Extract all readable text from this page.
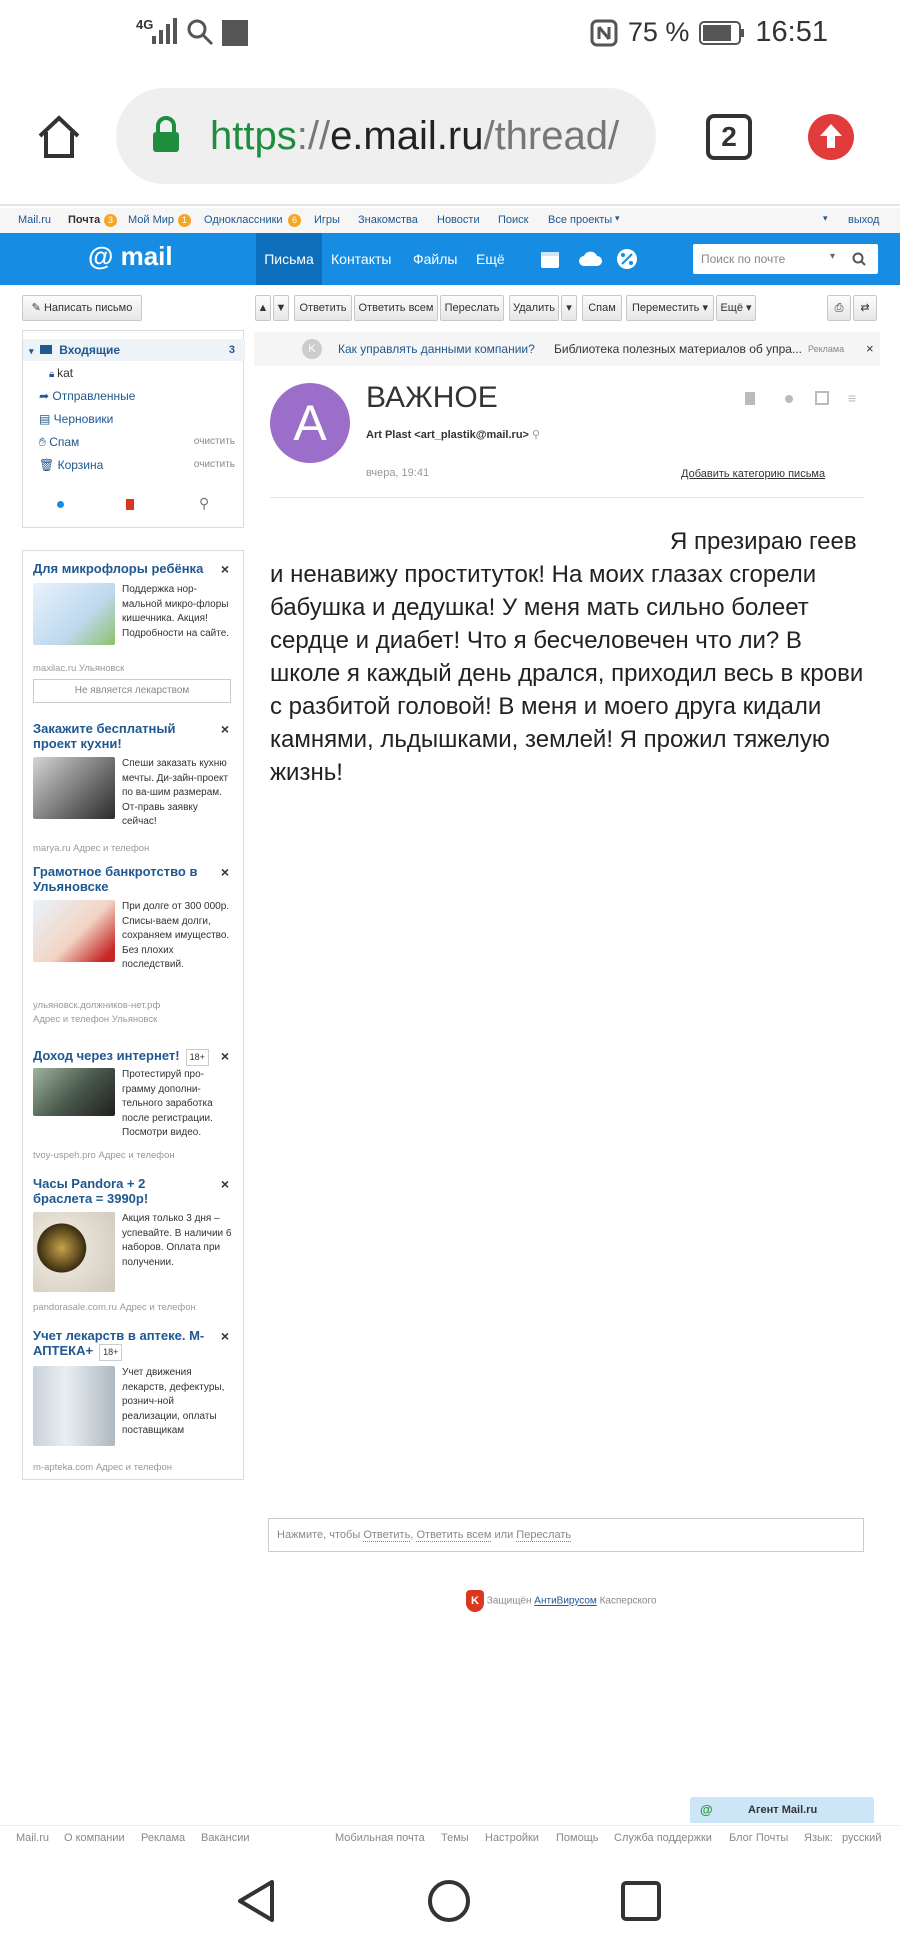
4G	75 % 16:51
https://e.mail.ru/thread/	2
Mail.ru Почта 3	Мой Мир 1	Одноклассники	6	Игры Знакомства Новости Поиск Все проекты ▾	▾ выход
@ mail	Письма	Контакты Файлы Ещё	Поиск по почте	▾
✎ Написать письмо	▲ ▼	Ответить	Ответить всем	Переслать	Удалить	▾	Спам	Переместить ▾	Ещё ▾	⎙	⇄
▾ Входящие	3
🔒︎ kat
➦ Отправленные
▤ Черновики
✋︎ Спам	очистить
🗑︎ Корзина	очистить
⚲
Для микрофлоры ребёнка ×
Поддержка нор-мальной микро-флоры кишечника. Акция! Подробности на сайте.
maxilac.ru Ульяновск
Не является лекарством
Закажите бесплатный проект кухни!
×
Спеши заказать кухню мечты. Ди-зайн-проект по ва-шим размерам. От-правь заявку сейчас!
marya.ru Адрес и телефон
Грамотное банкротство в Ульяновске
×
При долге от 300 000р. Списы-ваем долги, сохраняем имущество. Без плохих последствий.
ульяновск.должников-нет.рф
Адрес и телефон Ульяновск
Доход через интернет! 18+	×
Протестируй про-грамму дополни-тельного заработка после регистрации. Посмотри видео.
tvoy-uspeh.pro Адрес и телефон
Часы Pandora + 2 браслета = 3990р!
×
Акция только 3 дня – успевайте. В наличии 6 наборов. Оплата при получении.
pandorasale.com.ru Адрес и телефон
Учет лекарств в аптеке. М-АПТЕКА+ 18+
×
Учет движения лекарств, дефектуры, рознич-ной реализации, оплаты поставщикам
m-apteka.com Адрес и телефон
K	Как управлять данными компании? Библиотека полезных материалов об упра... Реклама ×
A	ВАЖНОЕ
Art Plast <art_plastik@mail.ru> ⚲
вчера, 19:41	Добавить категорию письма
≡
Я презираю геев и ненавижу проституток! На моих глазах сгорели бабушка и дедушка! У меня мать сильно болеет сердце и диабет! Что я бесчеловечен что ли? В школе я каждый день дрался, приходил весь в крови с разбитой головой! В меня и моего друга кидали камнями, льдышками, землей! Я прожил тяжелую жизнь!
Нажмите, чтобы Ответить, Ответить всем или Переслать
K Защищён АнтиВирусом Касперского
@	Агент Mail.ru
Mail.ru О компании Реклама Вакансии	Мобильная почта Темы Настройки Помощь Служба поддержки Блог Почты Язык: русский
